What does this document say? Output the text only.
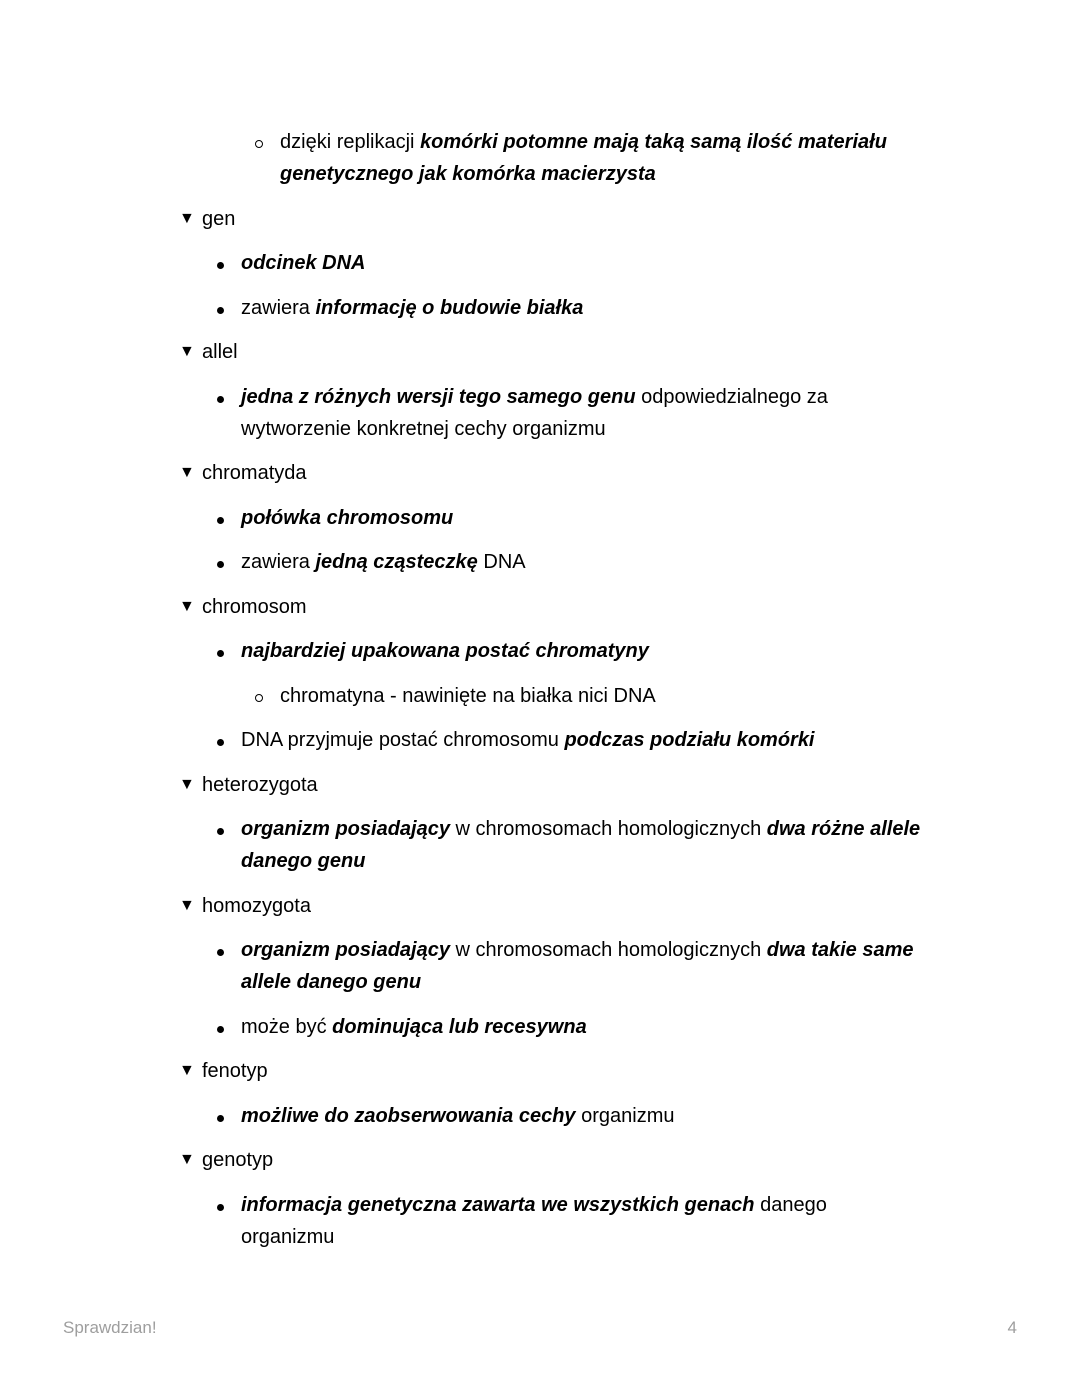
dzięki replikacji komórki potomne mają taką samą ilość materiału genetycznego jak komórka macierzysta
▼ gen
odcinek DNA
zawiera informację o budowie białka
▼ allel
jedna z różnych wersji tego samego genu odpowiedzialnego za wytworzenie konkretnej cechy organizmu
▼ chromatyda
połówka chromosomu
zawiera jedną cząsteczkę DNA
▼ chromosom
najbardziej upakowana postać chromatyny
chromatyna - nawinięte na białka nici DNA
DNA przyjmuje postać chromosomu podczas podziału komórki
▼ heterozygota
organizm posiadający w chromosomach homologicznych dwa różne allele danego genu
▼ homozygota
organizm posiadający w chromosomach homologicznych dwa takie same allele danego genu
może być dominująca lub recesywna
▼ fenotyp
możliwe do zaobserwowania cechy organizmu
▼ genotyp
informacja genetyczna zawarta we wszystkich genach danego organizmu
Sprawdzian!	4
